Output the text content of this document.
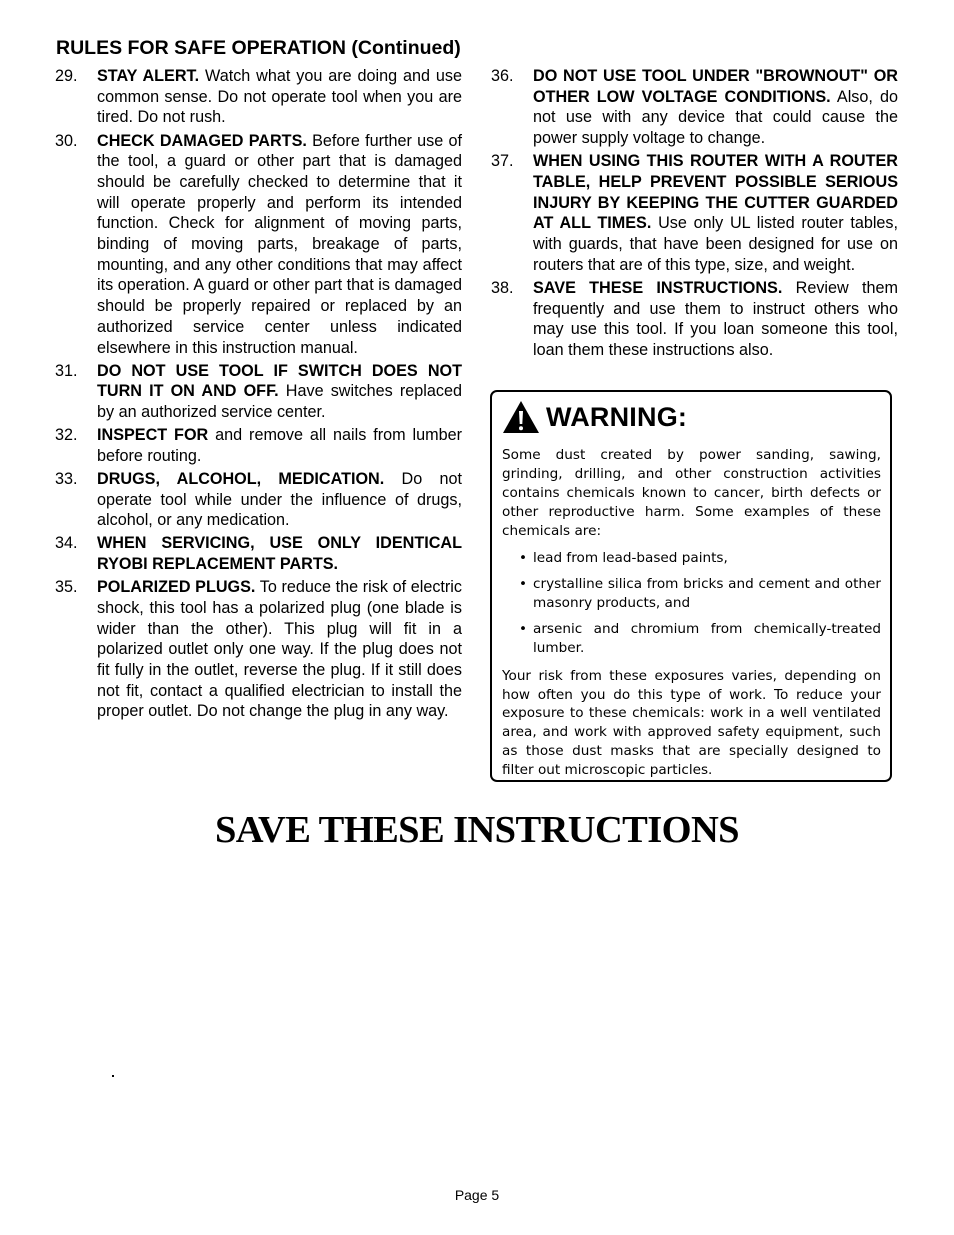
RULES FOR SAFE OPERATION (Continued)
29.	STAY ALERT. Watch what you are doing and use common sense. Do not operate tool when you are tired. Do not rush.
30.	CHECK DAMAGED PARTS. Before further use of the tool, a guard or other part that is damaged should be carefully checked to determine that it will operate properly and perform its intended function. Check for alignment of moving parts, binding of moving parts, breakage of parts, mounting, and any other conditions that may affect its operation. A guard or other part that is damaged should be properly repaired or replaced by an authorized service center unless indicated elsewhere in this instruction manual.
31.	DO NOT USE TOOL IF SWITCH DOES NOT TURN IT ON AND OFF. Have switches replaced by an authorized service center.
32.	INSPECT FOR and remove all nails from lumber before routing.
33.	DRUGS, ALCOHOL, MEDICATION. Do not operate tool while under the influence of drugs, alcohol, or any medication.
34.	WHEN SERVICING, USE ONLY IDENTICAL RYOBI REPLACEMENT PARTS.
35.	POLARIZED PLUGS. To reduce the risk of electric shock, this tool has a polarized plug (one blade is wider than the other). This plug will fit in a polarized outlet only one way. If the plug does not fit fully in the outlet, reverse the plug. If it still does not fit, contact a qualified electrician to install the proper outlet. Do not change the plug in any way.
36.	DO NOT USE TOOL UNDER "BROWNOUT" OR OTHER LOW VOLTAGE CONDITIONS. Also, do not use with any device that could cause the power supply voltage to change.
37.	WHEN USING THIS ROUTER WITH A ROUTER TABLE, HELP PREVENT POSSIBLE SERIOUS INJURY BY KEEPING THE CUTTER GUARDED AT ALL TIMES. Use only UL listed router tables, with guards, that have been designed for use on routers that are of this type, size, and weight.
38.	SAVE THESE INSTRUCTIONS. Review them frequently and use them to instruct others who may use this tool. If you loan someone this tool, loan them these instructions also.
WARNING:

Some dust created by power sanding, sawing, grinding, drilling, and other construction activities contains chemicals known to cancer, birth defects or other reproductive harm. Some examples of these chemicals are:

• lead from lead-based paints,
• crystalline silica from bricks and cement and other masonry products, and
• arsenic and chromium from chemically-treated lumber.

Your risk from these exposures varies, depending on how often you do this type of work. To reduce your exposure to these chemicals: work in a well ventilated area, and work with approved safety equipment, such as those dust masks that are specially designed to filter out microscopic particles.

SAVE THESE INSTRUCTIONS
Page 5
